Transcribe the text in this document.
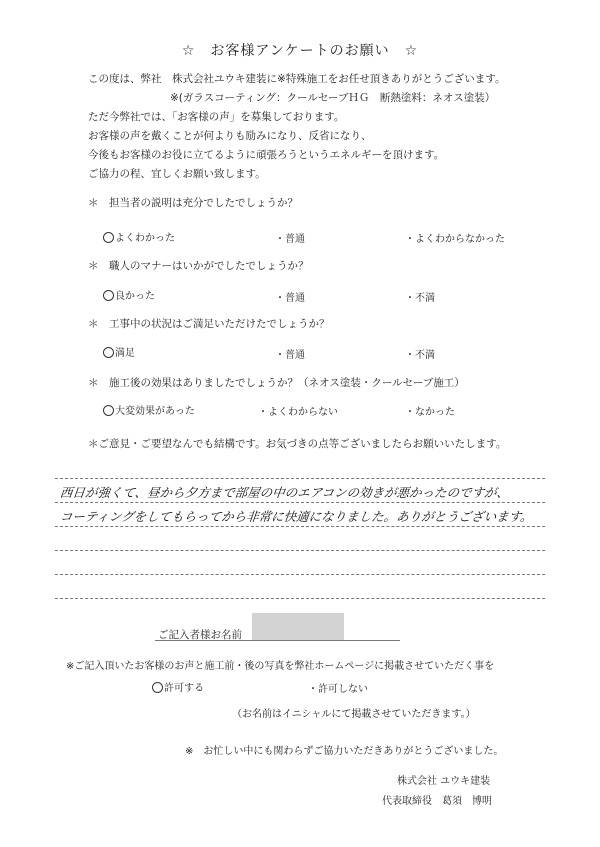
☆　お客様アンケートのお願い　☆
この度は、弊社　株式会社ユウキ建装に※特殊施工をお任せ頂きありがとうございます。
※(ガラスコーティング：クールセーブＨＧ　断熱塗料：ネオス塗装）
ただ今弊社では、「お客様の声」を募集しております。
お客様の声を戴くことが何よりも励みになり、反省になり、
今後もお客様のお役に立てるように頑張ろうというエネルギーを頂けます。
ご協力の程、宜しくお願い致します。
＊　担当者の説明は充分でしたでしょうか？
よくわかった	・普通	・よくわからなかった
＊　職人のマナーはいかがでしたでしょうか？
良かった	・普通	・不満
＊　工事中の状況はご満足いただけたでしょうか？
満足	・普通	・不満
＊　施工後の効果はありましたでしょうか？（ネオス塗装・クールセーブ施工）
大変効果があった	・よくわからない	・なかった
＊ご意見・ご要望なんでも結構です。お気づきの点等ございましたらお願いいたします。
西日が強くて、昼から夕方まで部屋の中のエアコンの効きが悪かったのですが、
コーティングをしてもらってから非常に快適になりました。ありがとうございます。
ご記入者様お名前
※ご記入頂いたお客様のお声と施工前・後の写真を弊社ホームページに掲載させていただく事を
許可する	・許可しない
（お名前はイニシャルにて掲載させていただきます。）
※　お忙しい中にも関わらずご協力いただきありがとうございました。
株式会社 ユウキ建装
代表取締役　葛須　博明
